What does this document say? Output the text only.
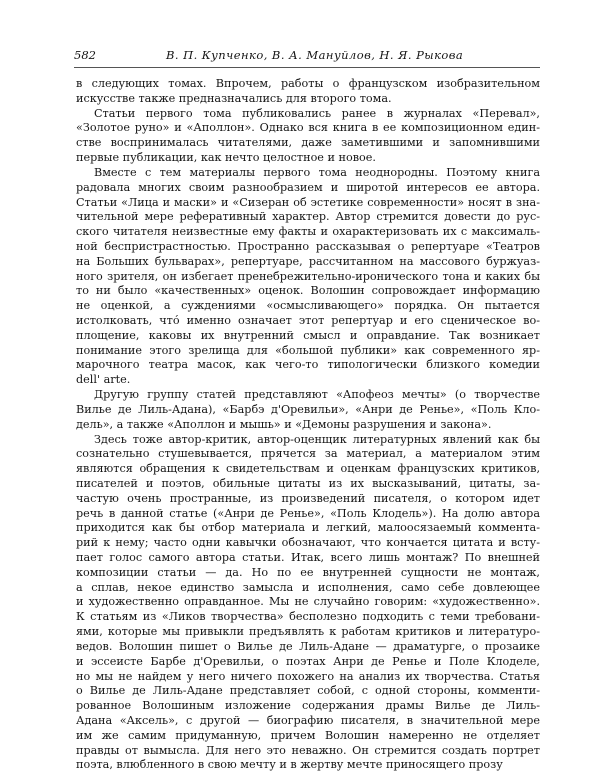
582	В. П. Купченко, В. А. Мануйлов, Н. Я. Рыкова
в следующих томах. Впрочем, работы о французском изобразительном
искусстве также предназначались для второго тома.
Статьи первого тома публиковались ранее в журналах «Перевал»,
«Золотое руно» и «Аполлон». Однако вся книга в ее композиционном един-
стве воспринималась читателями, даже заметившими и запомнившими
первые публикации, как нечто целостное и новое.
Вместе с тем материалы первого тома неоднородны. Поэтому книга
радовала многих своим разнообразием и широтой интересов ее автора.
Статьи «Лица и маски» и «Сизеран об эстетике современности» носят в зна-
чительной мере реферативный характер. Автор стремится довести до рус-
ского читателя неизвестные ему факты и охарактеризовать их с максималь-
ной беспристрастностью. Пространно рассказывая о репертуаре «Театров
на Больших бульварах», репертуаре, рассчитанном на массового буржуаз-
ного зрителя, он избегает пренебрежительно-иронического тона и каких бы
то ни было «качественных» оценок. Волошин сопровождает информацию
не оценкой, а суждениями «осмысливающего» порядка. Он пытается
истолковать, что́ именно означает этот репертуар и его сценическое во-
площение, каковы их внутренний смысл и оправдание. Так возникает
понимание этого зрелища для «большой публики» как современного яр-
марочного театра масок, как чего-то типологически близкого комедии
dell' arte.
Другую группу статей представляют «Апофеоз мечты» (о творчестве
Вилье де Лиль-Адана), «Барбэ д'Оревильи», «Анри де Ренье», «Поль Кло-
дель», а также «Аполлон и мышь» и «Демоны разрушения и закона».
Здесь тоже автор-критик, автор-оценщик литературных явлений как бы
сознательно стушевывается, прячется за материал, а материалом этим
являются обращения к свидетельствам и оценкам французских критиков,
писателей и поэтов, обильные цитаты из их высказываний, цитаты, за-
частую очень пространные, из произведений писателя, о котором идет
речь в данной статье («Анри де Ренье», «Поль Клодель»). На долю автора
приходится как бы отбор материала и легкий, малоосязаемый коммента-
рий к нему; часто одни кавычки обозначают, что кончается цитата и всту-
пает голос самого автора статьи. Итак, всего лишь монтаж? По внешней
композиции статьи — да. Но по ее внутренней сущности не монтаж,
а сплав, некое единство замысла и исполнения, само себе довлеющее
и художественно оправданное. Мы не случайно говорим: «художественно».
К статьям из «Ликов творчества» бесполезно подходить с теми требовани-
ями, которые мы привыкли предъявлять к работам критиков и литературо-
ведов. Волошин пишет о Вилье де Лиль-Адане — драматурге, о прозаике
и эссеисте Барбе д'Оревильи, о поэтах Анри де Ренье и Поле Клоделе,
но мы не найдем у него ничего похожего на анализ их творчества. Статья
о Вилье де Лиль-Адане представляет собой, с одной стороны, комменти-
рованное Волошиным изложение содержания драмы Вилье де Лиль-
Адана «Аксель», с другой — биографию писателя, в значительной мере
им же самим придуманную, причем Волошин намеренно не отделяет
правды от вымысла. Для него это неважно. Он стремится создать портрет
поэта, влюбленного в свою мечту и в жертву мечте приносящего прозу
